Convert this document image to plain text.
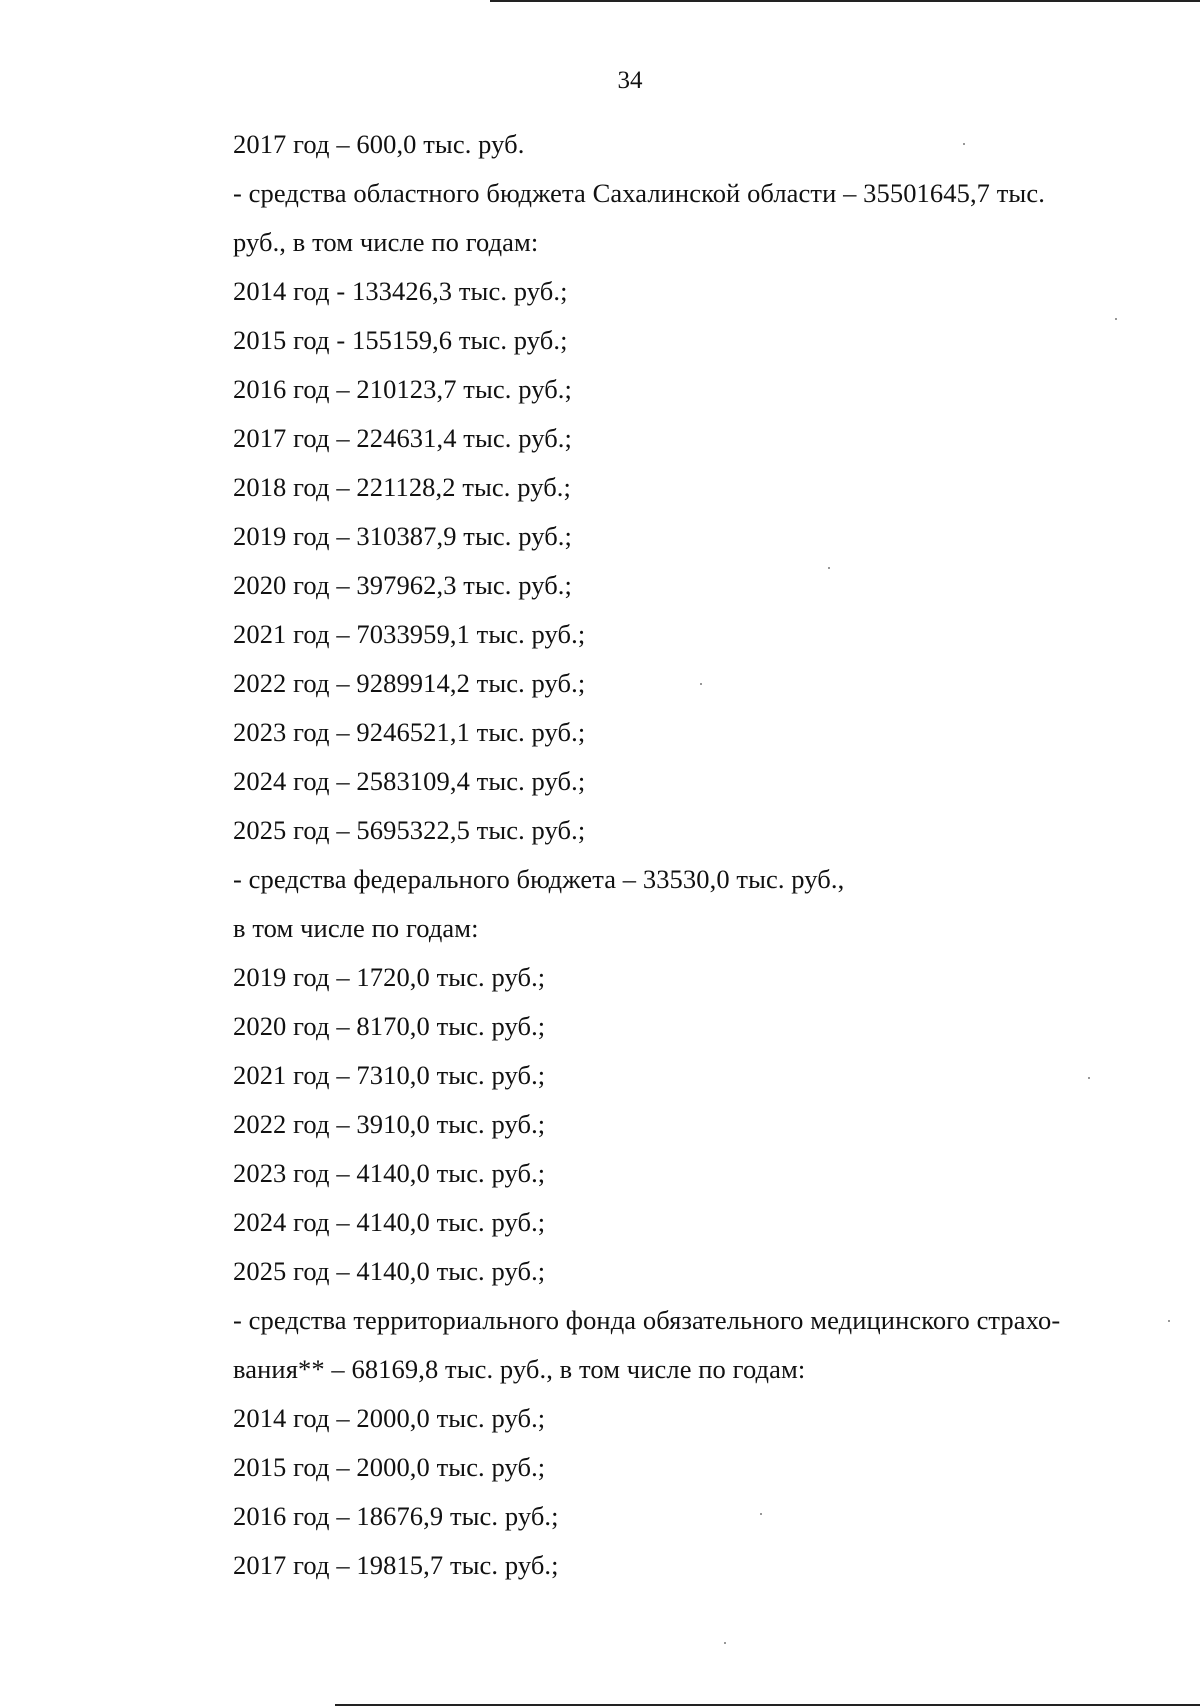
34
2017 год – 600,0 тыс. руб.
- средства областного бюджета Сахалинской области – 35501645,7 тыс.
руб., в том числе по годам:
2014 год - 133426,3 тыс. руб.;
2015 год - 155159,6 тыс. руб.;
2016 год – 210123,7 тыс. руб.;
2017 год – 224631,4 тыс. руб.;
2018 год – 221128,2 тыс. руб.;
2019 год – 310387,9 тыс. руб.;
2020 год – 397962,3 тыс. руб.;
2021 год – 7033959,1 тыс. руб.;
2022 год – 9289914,2 тыс. руб.;
2023 год – 9246521,1 тыс. руб.;
2024 год – 2583109,4 тыс. руб.;
2025 год – 5695322,5 тыс. руб.;
- средства федерального бюджета – 33530,0 тыс. руб.,
в том числе по годам:
2019 год – 1720,0 тыс. руб.;
2020 год – 8170,0 тыс. руб.;
2021 год – 7310,0 тыс. руб.;
2022 год – 3910,0 тыс. руб.;
2023 год – 4140,0 тыс. руб.;
2024 год – 4140,0 тыс. руб.;
2025 год – 4140,0 тыс. руб.;
- средства территориального фонда обязательного медицинского страхо-
вания** – 68169,8 тыс. руб., в том числе по годам:
2014 год – 2000,0 тыс. руб.;
2015 год – 2000,0 тыс. руб.;
2016 год – 18676,9 тыс. руб.;
2017 год – 19815,7 тыс. руб.;
